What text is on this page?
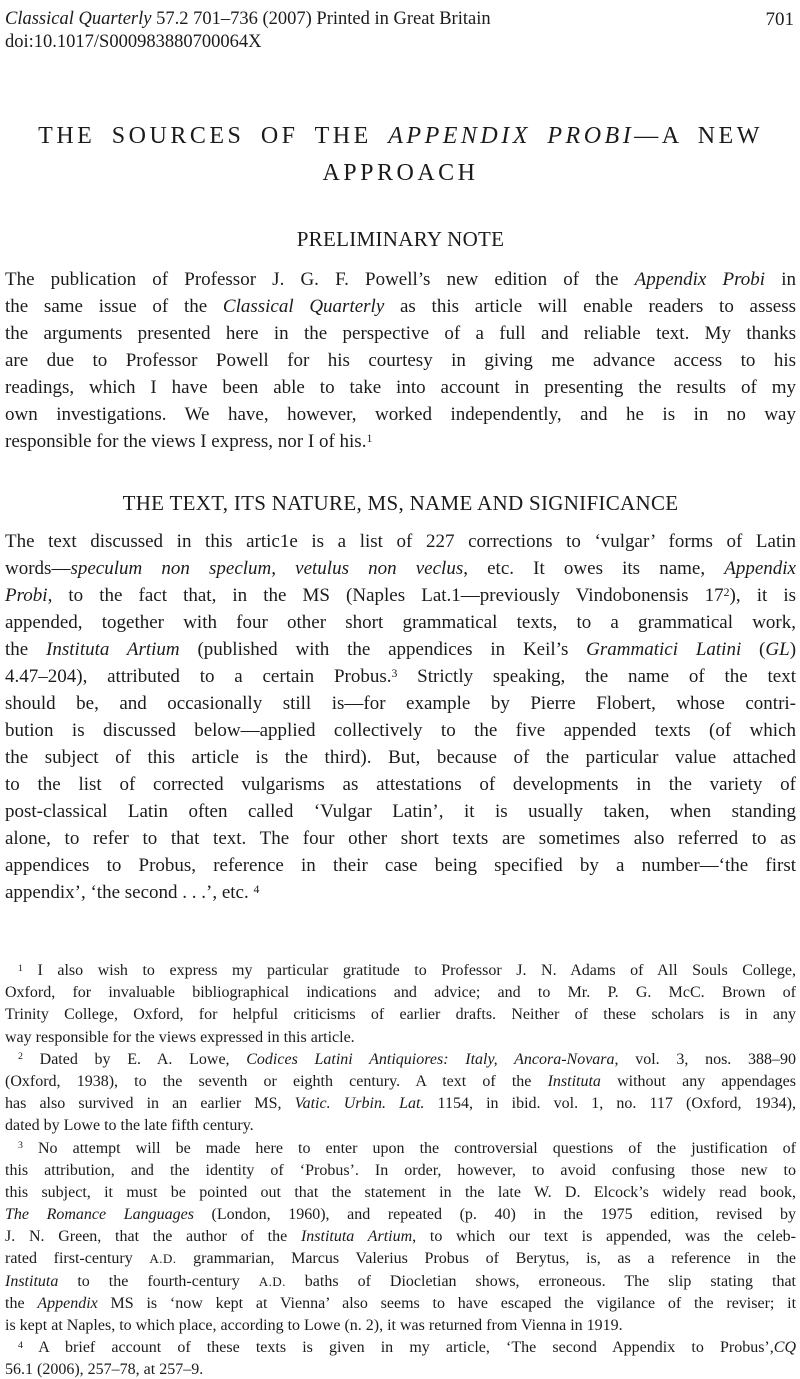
Classical Quarterly 57.2 701–736 (2007) Printed in Great Britain
doi:10.1017/S000983880700064X
701
THE SOURCES OF THE APPENDIX PROBI—A NEW
APPROACH
PRELIMINARY NOTE
The publication of Professor J. G. F. Powell’s new edition of the Appendix Probi in
the same issue of the Classical Quarterly as this article will enable readers to assess
the arguments presented here in the perspective of a full and reliable text. My thanks
are due to Professor Powell for his courtesy in giving me advance access to his
readings, which I have been able to take into account in presenting the results of my
own investigations. We have, however, worked independently, and he is in no way
responsible for the views I express, nor I of his.$^1$
THE TEXT, ITS NATURE, MS, NAME AND SIGNIFICANCE
The text discussed in this artic1e is a list of 227 corrections to ‘vulgar’ forms of Latin
words—speculum non speclum, vetulus non veclus, etc. It owes its name, Appendix
Probi, to the fact that, in the MS (Naples Lat.1—previously Vindobonensis $17^2$), it is
appended, together with four other short grammatical texts, to a grammatical work,
the Instituta Artium (published with the appendices in Keil’s Grammatici Latini (GL)
4.47–204), attributed to a certain Probus.$^3$ Strictly speaking, the name of the text
should be, and occasionally still is—for example by Pierre Flobert, whose contri-
bution is discussed below—applied collectively to the five appended texts (of which
the subject of this article is the third). But, because of the particular value attached
to the list of corrected vulgarisms as attestations of developments in the variety of
post-classical Latin often called ‘Vulgar Latin’, it is usually taken, when standing
alone, to refer to that text. The four other short texts are sometimes also referred to as
appendices to Probus, reference in their case being specified by a number—‘the first
appendix’, ‘the second . . .’, etc. $^4$
$^1$ I also wish to express my particular gratitude to Professor J. N. Adams of All Souls College,
Oxford, for invaluable bibliographical indications and advice; and to Mr. P. G. McC. Brown of
Trinity College, Oxford, for helpful criticisms of earlier drafts. Neither of these scholars is in any
way responsible for the views expressed in this article.
$^2$ Dated by E. A. Lowe, Codices Latini Antiquiores: Italy, Ancora-Novara, vol. 3, nos. 388–90
(Oxford, 1938), to the seventh or eighth century. A text of the Instituta without any appendages
has also survived in an earlier MS, Vatic. Urbin. Lat. 1154, in ibid. vol. 1, no. 117 (Oxford, 1934),
dated by Lowe to the late fifth century.
$^3$ No attempt will be made here to enter upon the controversial questions of the justification of
this attribution, and the identity of ‘Probus’. In order, however, to avoid confusing those new to
this subject, it must be pointed out that the statement in the late W. D. Elcock’s widely read book,
The Romance Languages (London, 1960), and repeated (p. 40) in the 1975 edition, revised by
J. N. Green, that the author of the Instituta Artium, to which our text is appended, was the celeb-
rated first-century A.D. grammarian, Marcus Valerius Probus of Berytus, is, as a reference in the
Instituta to the fourth-century A.D. baths of Diocletian shows, erroneous. The slip stating that
the Appendix MS is ‘now kept at Vienna’ also seems to have escaped the vigilance of the reviser; it
is kept at Naples, to which place, according to Lowe (n. 2), it was returned from Vienna in 1919.
$^4$ A brief account of these texts is given in my article, ‘The second Appendix to Probus’,CQ
56.1 (2006), 257–78, at 257–9.
